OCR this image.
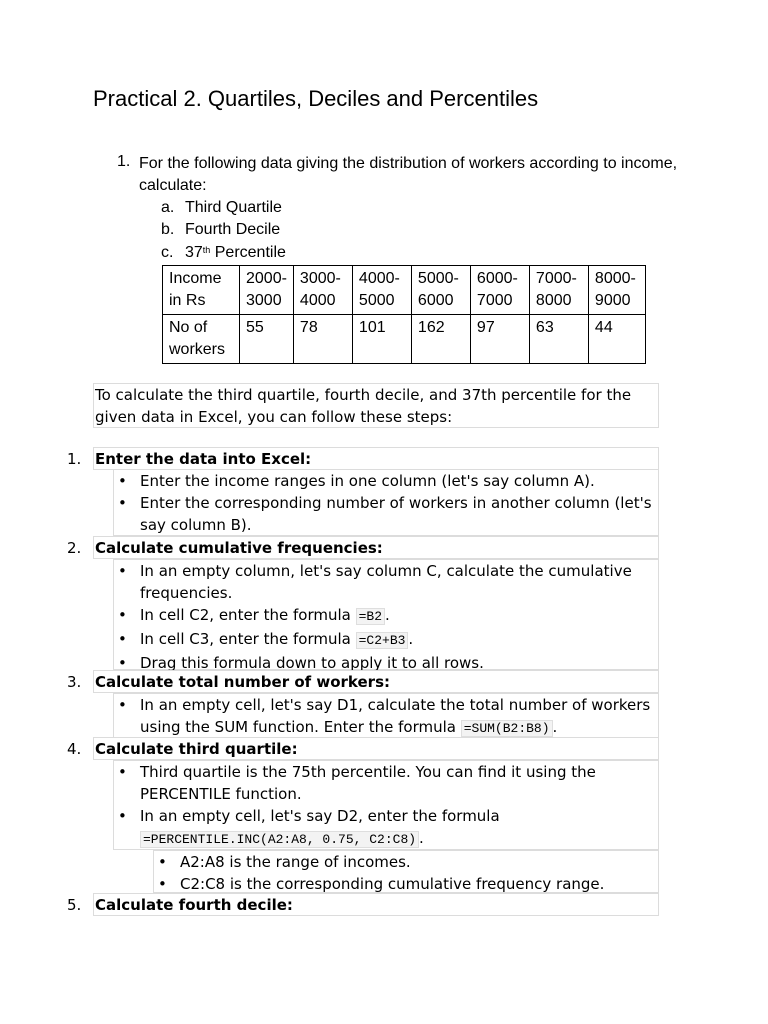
Practical 2. Quartiles, Deciles and Percentiles
1. For the following data giving the distribution of workers according to income, calculate:
a. Third Quartile
b. Fourth Decile
c. 37th Percentile
Income in Rs	2000-3000	3000-4000	4000-5000	5000-6000	6000-7000	7000-8000	8000-9000
No of workers	55	78	101	162	97	63	44
To calculate the third quartile, fourth decile, and 37th percentile for the given data in Excel, you can follow these steps:
1. Enter the data into Excel:
• Enter the income ranges in one column (let's say column A).
• Enter the corresponding number of workers in another column (let's say column B).
2. Calculate cumulative frequencies:
• In an empty column, let's say column C, calculate the cumulative frequencies.
• In cell C2, enter the formula =B2 .
• In cell C3, enter the formula =C2+B3 .
• Drag this formula down to apply it to all rows.
3. Calculate total number of workers:
• In an empty cell, let's say D1, calculate the total number of workers using the SUM function. Enter the formula =SUM(B2:B8) .
4. Calculate third quartile:
• Third quartile is the 75th percentile. You can find it using the PERCENTILE function.
• In an empty cell, let's say D2, enter the formula
=PERCENTILE.INC(A2:A8, 0.75, C2:C8) .
• A2:A8 is the range of incomes.
• C2:C8 is the corresponding cumulative frequency range.
5. Calculate fourth decile:
